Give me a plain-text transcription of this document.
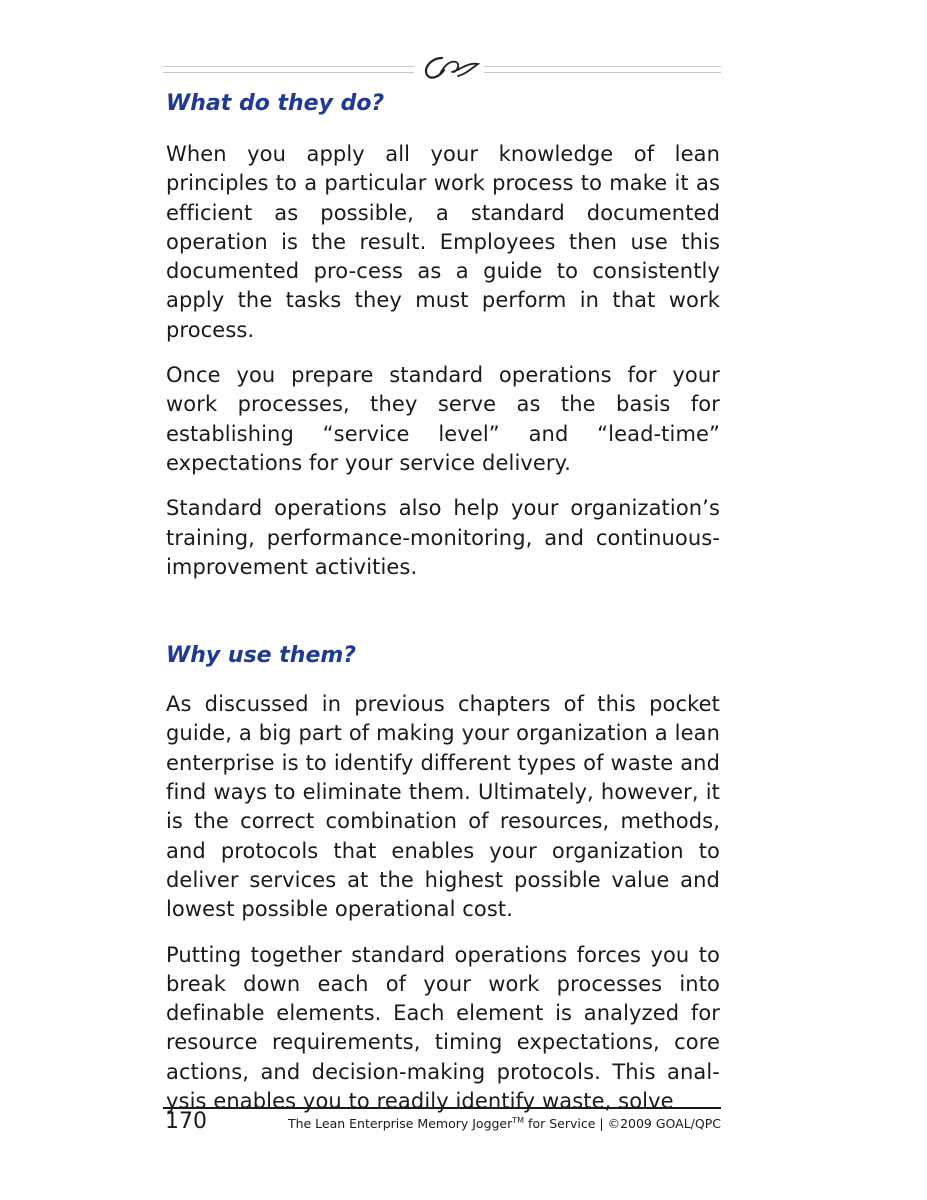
What do they do?

When you apply all your knowledge of lean principles to a particular work process to make it as efficient as possible, a standard documented operation is the result. Employees then use this documented pro-cess as a guide to consistently apply the tasks they must perform in that work process.

Once you prepare standard operations for your work processes, they serve as the basis for establishing “service level” and “lead-time” expectations for your service delivery.

Standard operations also help your organization’s training, performance-monitoring, and continuous-improvement activities.

Why use them?

As discussed in previous chapters of this pocket guide, a big part of making your organization a lean enterprise is to identify different types of waste and find ways to eliminate them. Ultimately, however, it is the correct combination of resources, methods, and protocols that enables your organization to deliver services at the highest possible value and lowest possible operational cost.

Putting together standard operations forces you to break down each of your work processes into definable elements. Each element is analyzed for resource requirements, timing expectations, core actions, and decision-making protocols. This anal-ysis enables you to readily identify waste, solve

170	The Lean Enterprise Memory Jogger™ for Service | ©2009 GOAL/QPC
